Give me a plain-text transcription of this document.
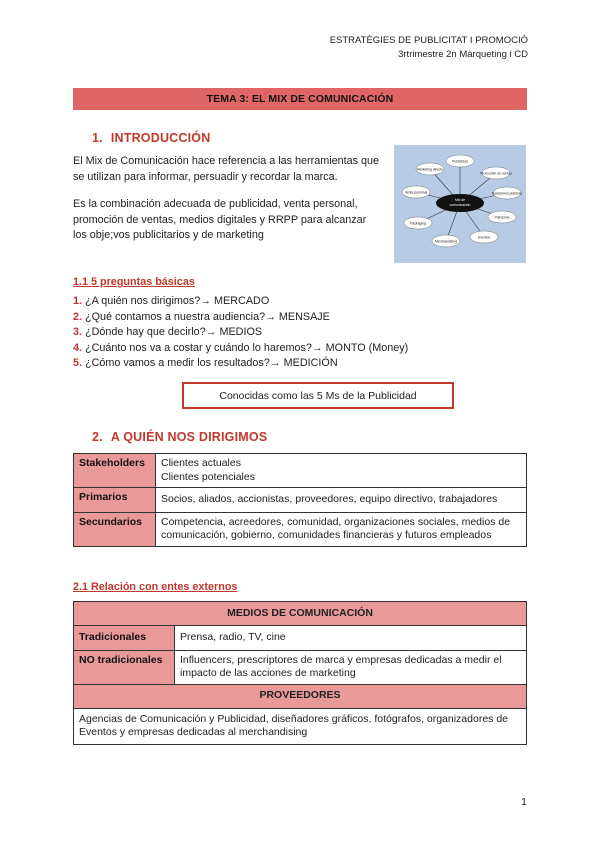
ESTRATÈGIES DE PUBLICITAT I PROMOCIÓ
3rtrimestre 2n Màrqueting i CD
TEMA 3: EL MIX DE COMUNICACIÓN
1. INTRODUCCIÓN
El Mix de Comunicación hace referencia a las herramientas que se utilizan para informar, persuadir y recordar la marca.
Es la combinación adecuada de publicidad, venta personal, promoción de ventas, medios digitales y RRPP para alcanzar los obje;vos publicitarios y de marketing
Mix de
comunicación
Publicidad
Promoción de ventas
Relaciones públicas
Patrocinio
Eventos
Merchandising
Packaging
Venta personal
Marketing directo
1.1 5 preguntas básicas
1. ¿A quién nos dirigimos?→ MERCADO
2. ¿Qué contamos a nuestra audiencia?→ MENSAJE
3. ¿Dónde hay que decirlo?→ MEDIOS
4. ¿Cuánto nos va a costar y cuándo lo haremos?→ MONTO (Money)
5. ¿Cómo vamos a medir los resultados?→ MEDICIÓN
Conocidas como las 5 Ms de la Publicidad
2. A QUIÉN NOS DIRIGIMOS
Stakeholders	Clientes actuales
Clientes potenciales

Primarios	Socios, aliados, accionistas, proveedores, equipo directivo, trabajadores
Secundarios	Competencia, acreedores, comunidad, organizaciones sociales, medios de comunicación, gobierno, comunidades financieras y futuros empleados
2.1 Relación con entes externos
MEDIOS DE COMUNICACIÓN	
Tradicionales	Prensa, radio, TV, cine
NO tradicionales	Influencers, prescriptores de marca y empresas dedicadas a medir el impacto de las acciones de marketing
PROVEEDORES	
Agencias de Comunicación y Publicidad, diseñadores gráficos, fotógrafos, organizadores de Eventos y empresas dedicadas al merchandising	
1
